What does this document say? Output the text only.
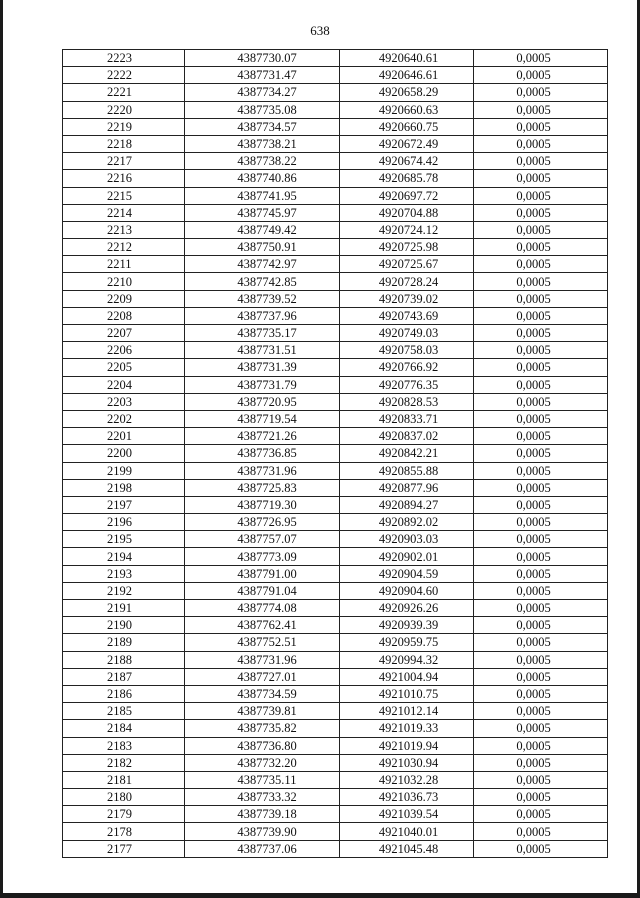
638
2223	4387730.07	4920640.61	0,0005
2222	4387731.47	4920646.61	0,0005
2221	4387734.27	4920658.29	0,0005
2220	4387735.08	4920660.63	0,0005
2219	4387734.57	4920660.75	0,0005
2218	4387738.21	4920672.49	0,0005
2217	4387738.22	4920674.42	0,0005
2216	4387740.86	4920685.78	0,0005
2215	4387741.95	4920697.72	0,0005
2214	4387745.97	4920704.88	0,0005
2213	4387749.42	4920724.12	0,0005
2212	4387750.91	4920725.98	0,0005
2211	4387742.97	4920725.67	0,0005
2210	4387742.85	4920728.24	0,0005
2209	4387739.52	4920739.02	0,0005
2208	4387737.96	4920743.69	0,0005
2207	4387735.17	4920749.03	0,0005
2206	4387731.51	4920758.03	0,0005
2205	4387731.39	4920766.92	0,0005
2204	4387731.79	4920776.35	0,0005
2203	4387720.95	4920828.53	0,0005
2202	4387719.54	4920833.71	0,0005
2201	4387721.26	4920837.02	0,0005
2200	4387736.85	4920842.21	0,0005
2199	4387731.96	4920855.88	0,0005
2198	4387725.83	4920877.96	0,0005
2197	4387719.30	4920894.27	0,0005
2196	4387726.95	4920892.02	0,0005
2195	4387757.07	4920903.03	0,0005
2194	4387773.09	4920902.01	0,0005
2193	4387791.00	4920904.59	0,0005
2192	4387791.04	4920904.60	0,0005
2191	4387774.08	4920926.26	0,0005
2190	4387762.41	4920939.39	0,0005
2189	4387752.51	4920959.75	0,0005
2188	4387731.96	4920994.32	0,0005
2187	4387727.01	4921004.94	0,0005
2186	4387734.59	4921010.75	0,0005
2185	4387739.81	4921012.14	0,0005
2184	4387735.82	4921019.33	0,0005
2183	4387736.80	4921019.94	0,0005
2182	4387732.20	4921030.94	0,0005
2181	4387735.11	4921032.28	0,0005
2180	4387733.32	4921036.73	0,0005
2179	4387739.18	4921039.54	0,0005
2178	4387739.90	4921040.01	0,0005
2177	4387737.06	4921045.48	0,0005
